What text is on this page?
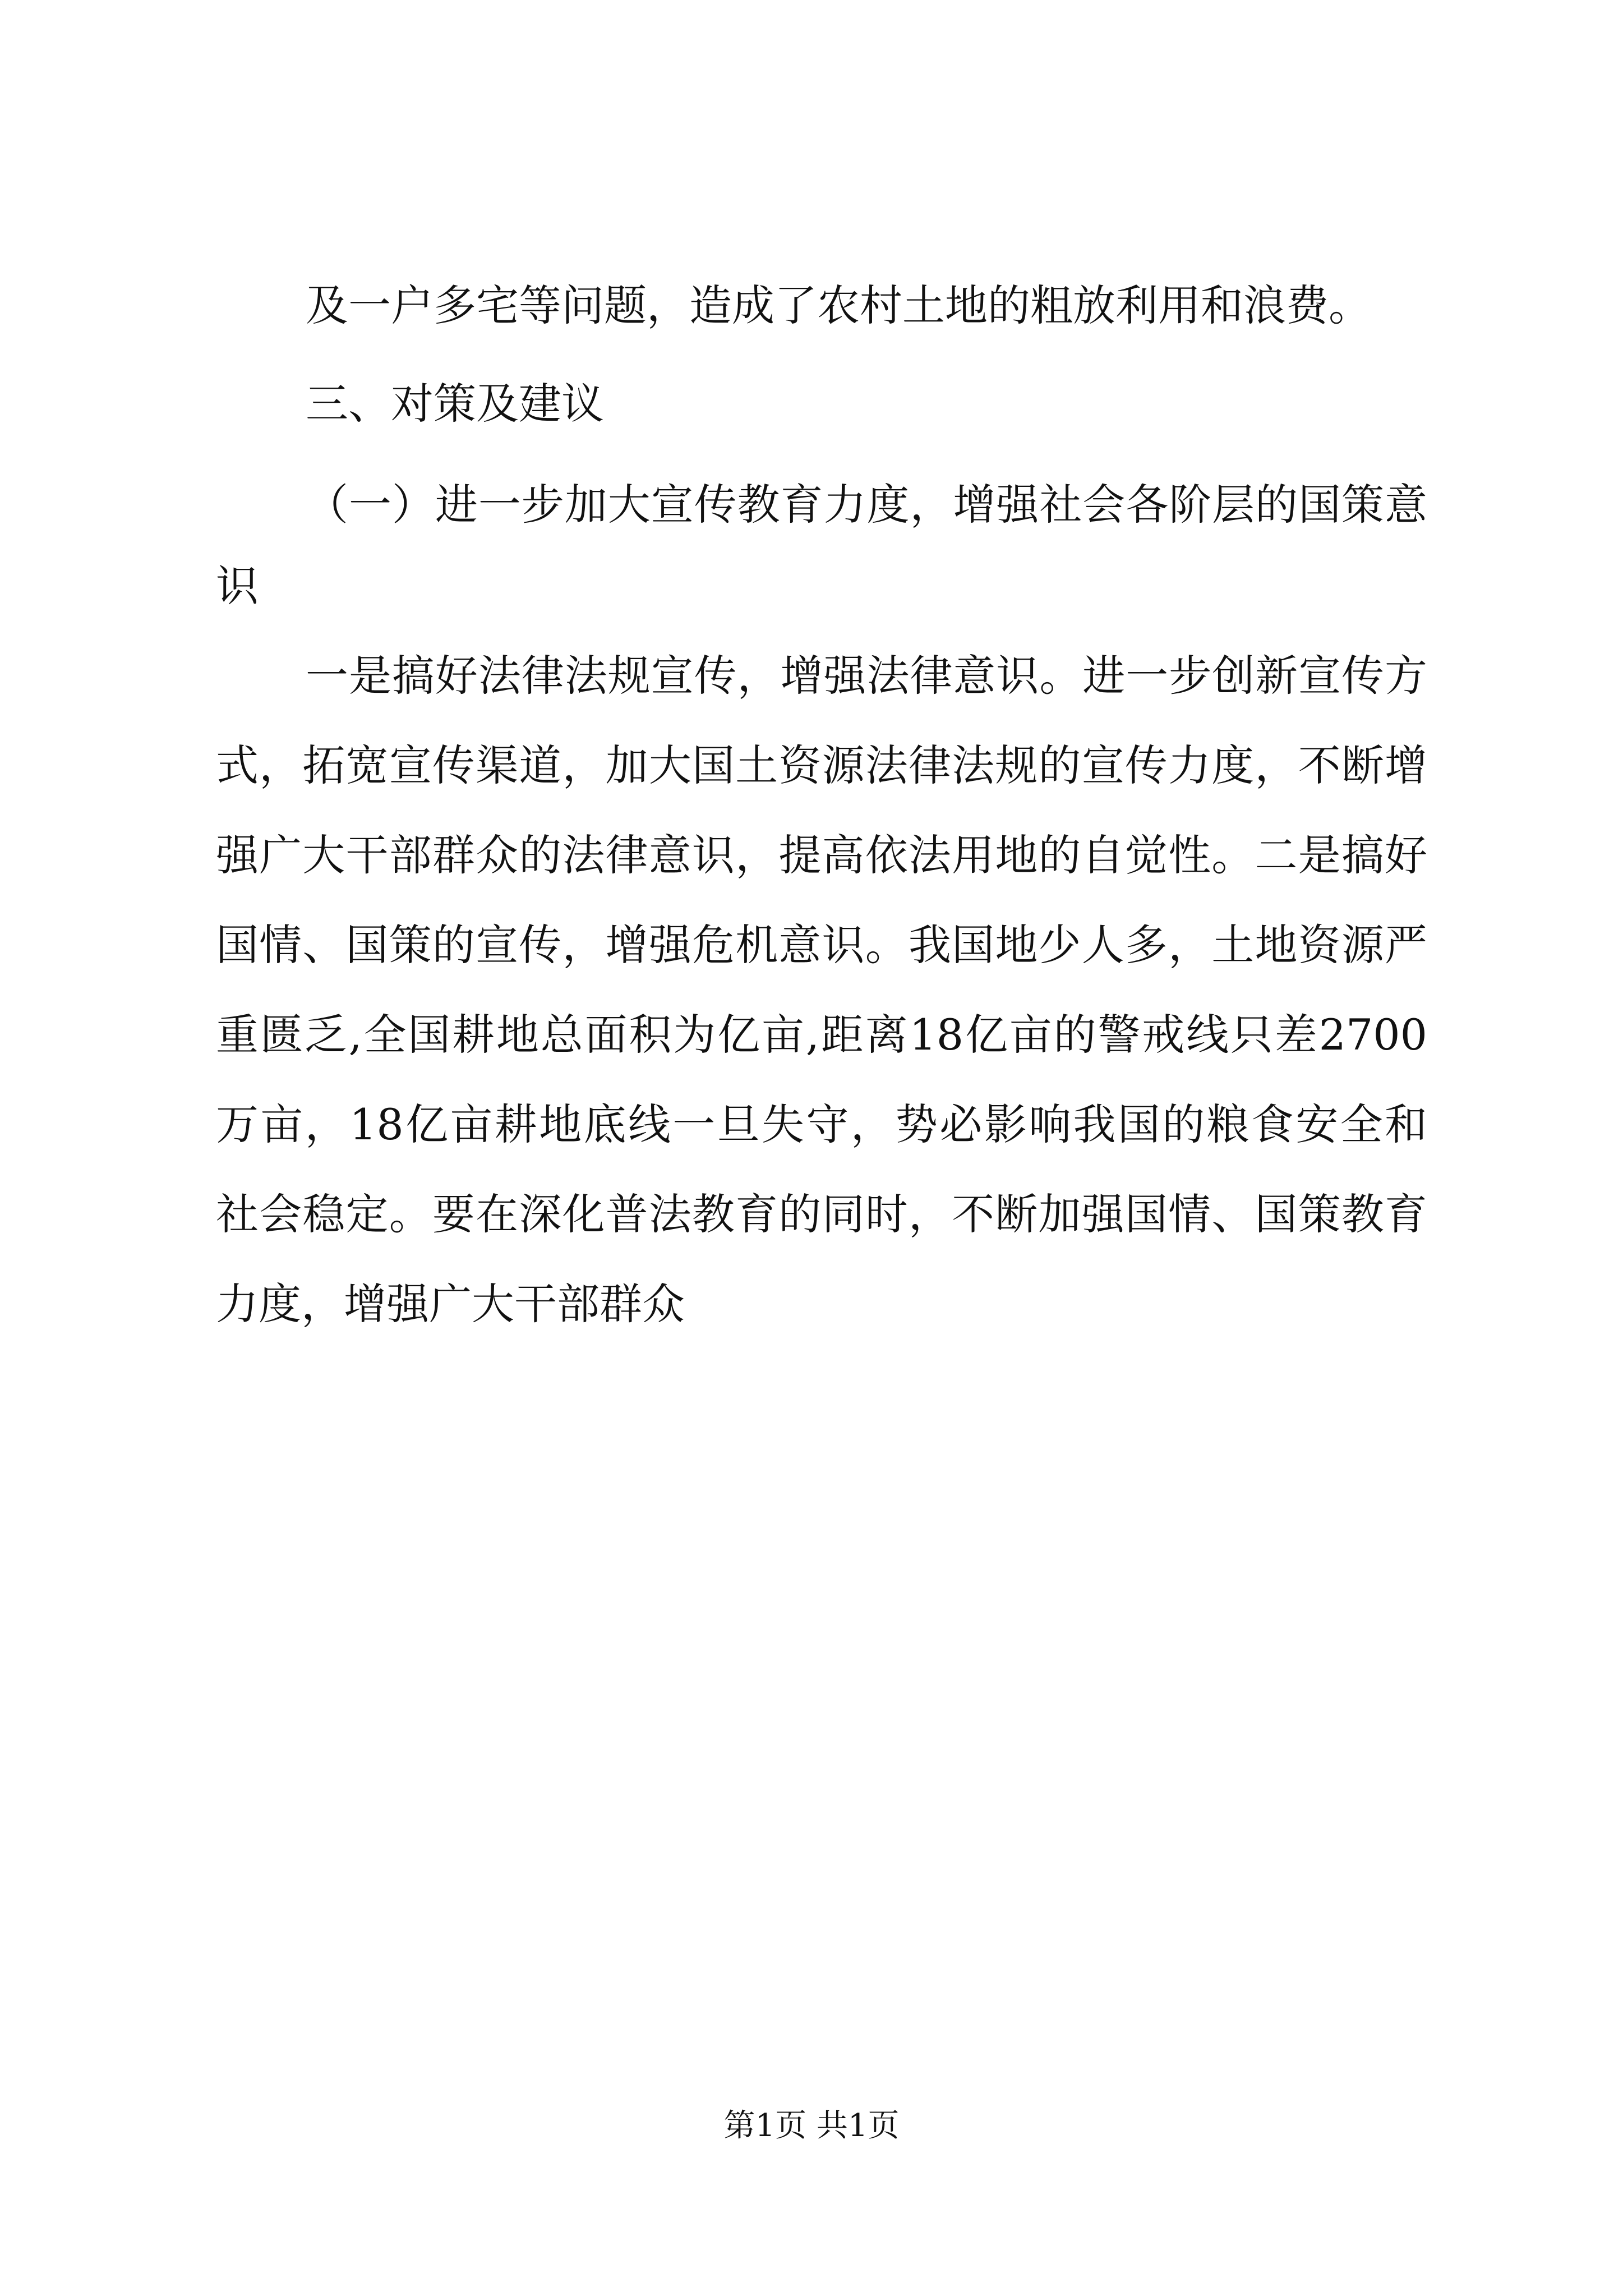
及一户多宅等问题，造成了农村土地的粗放利用和浪费。
三、对策及建议
（一）进一步加大宣传教育力度，增强社会各阶层的国策意
识
一是搞好法律法规宣传，增强法律意识。进一步创新宣传方
式，拓宽宣传渠道，加大国土资源法律法规的宣传力度，不断增
强广大干部群众的法律意识，提高依法用地的自觉性。二是搞好
国情、国策的宣传，增强危机意识。我国地少人多，土地资源严
重匮乏,全国耕地总面积为亿亩,距离18亿亩的警戒线只差2700
万亩，18亿亩耕地底线一旦失守，势必影响我国的粮食安全和
社会稳定。要在深化普法教育的同时，不断加强国情、国策教育
力度，增强广大干部群众
第1页 共1页
